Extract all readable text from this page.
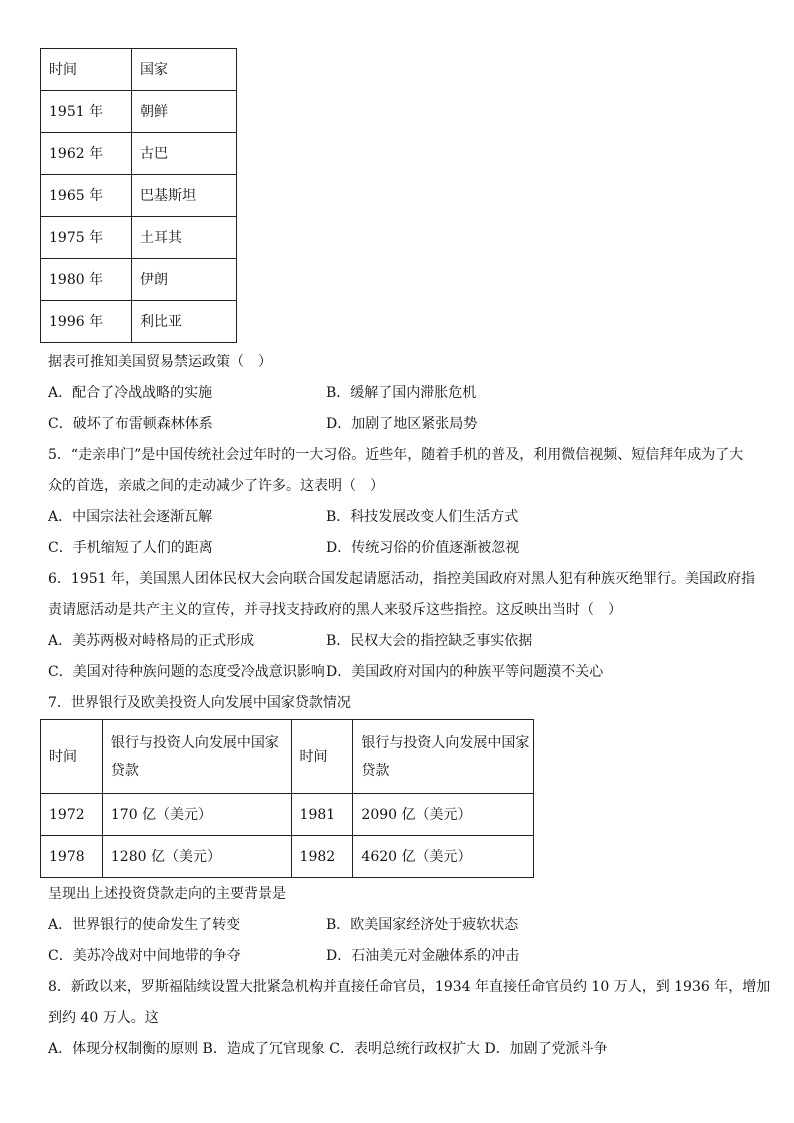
时间	国家
1951 年	朝鲜
1962 年	古巴
1965 年	巴基斯坦
1975 年	土耳其
1980 年	伊朗
1996 年	利比亚
据表可推知美国贸易禁运政策（　）
A．配合了冷战战略的实施	B．缓解了国内滞胀危机
C．破坏了布雷顿森林体系	D．加剧了地区紧张局势
5．“走亲串门”是中国传统社会过年时的一大习俗。近些年，随着手机的普及，利用微信视频、短信拜年成为了大
众的首选，亲戚之间的走动减少了许多。这表明（　）
A．中国宗法社会逐渐瓦解	B．科技发展改变人们生活方式
C．手机缩短了人们的距离	D．传统习俗的价值逐渐被忽视
6．1951 年，美国黑人团体民权大会向联合国发起请愿活动，指控美国政府对黑人犯有种族灭绝罪行。美国政府指
责请愿活动是共产主义的宣传，并寻找支持政府的黑人来驳斥这些指控。这反映出当时（　）
A．美苏两极对峙格局的正式形成	B．民权大会的指控缺乏事实依据
C．美国对待种族问题的态度受冷战意识影响 D．美国政府对国内的种族平等问题漠不关心
7．世界银行及欧美投资人向发展中国家贷款情况
时间	银行与投资人向发展中国家贷款	时间	银行与投资人向发展中国家贷款
1972	170 亿（美元）	1981	2090 亿（美元）
1978	1280 亿（美元）	1982	4620 亿（美元）
呈现出上述投资贷款走向的主要背景是
A．世界银行的使命发生了转变	B．欧美国家经济处于疲软状态
C．美苏冷战对中间地带的争夺	D．石油美元对金融体系的冲击
8．新政以来，罗斯福陆续设置大批紧急机构并直接任命官员，1934 年直接任命官员约 10 万人，到 1936 年，增加
到约 40 万人。这
A．体现分权制衡的原则 B．造成了冗官现象 C．表明总统行政权扩大 D．加剧了党派斗争
